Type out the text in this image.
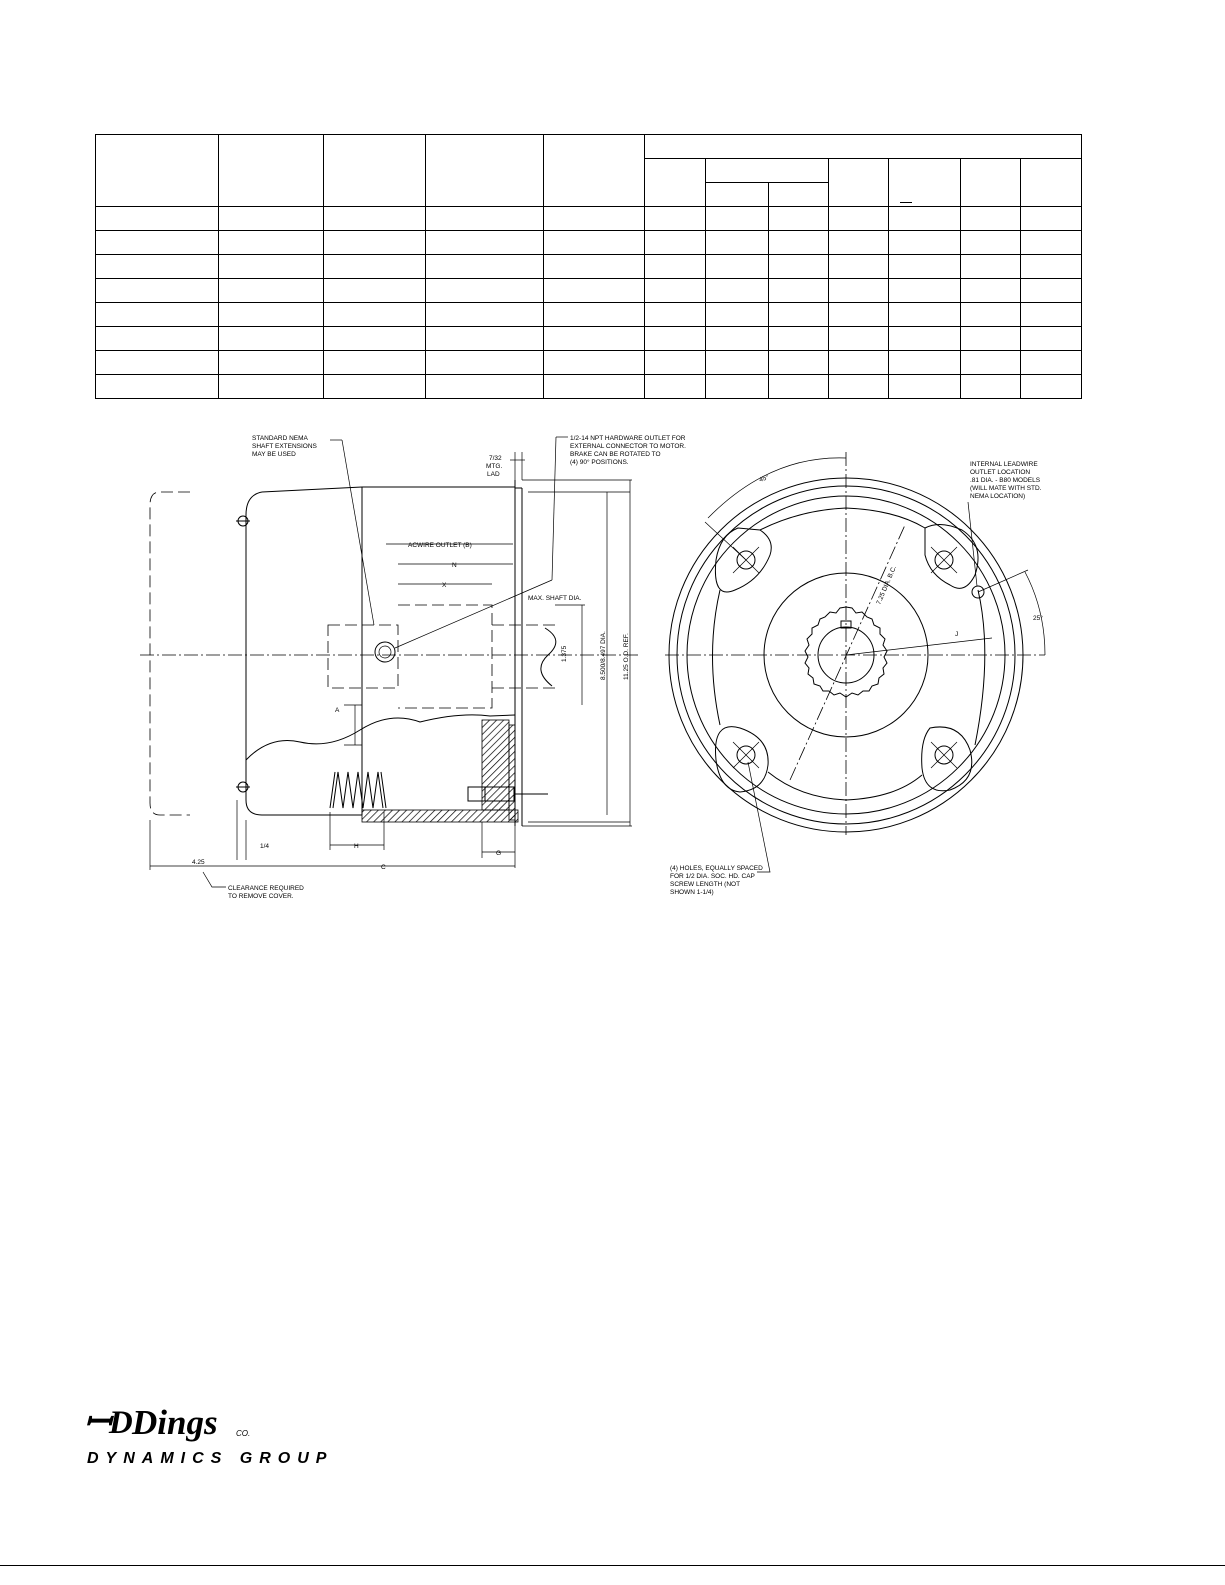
ACWIRE OUTLET (B)
N
X
MAX. SHAFT DIA.
1.375	8.500/8.497 DIA. 11.25 O.D. REF.
A
1/4	H
G
4.25
C
CLEARANCE REQUIRED
TO REMOVE COVER.
STANDARD NEMA
SHAFT EXTENSIONS
MAY BE USED
7/32
MTG.
LAD
1/2-14 NPT HARDWARE OUTLET FOR
EXTERNAL CONNECTOR TO MOTOR.
BRAKE CAN BE ROTATED TO
(4) 90° POSITIONS.
J
7.25 DIA. B.C.
45°
25°
INTERNAL LEADWIRE
OUTLET LOCATION
.81 DIA. - B80 MODELS
(WILL MATE WITH STD.
NEMA LOCATION)
(4) HOLES, EQUALLY SPACED
FOR 1/2 DIA. SOC. HD. CAP
SCREW LENGTH (NOT
SHOWN 1-1/4)
ꟷD Dings CO.
DYNAMICS GROUP
